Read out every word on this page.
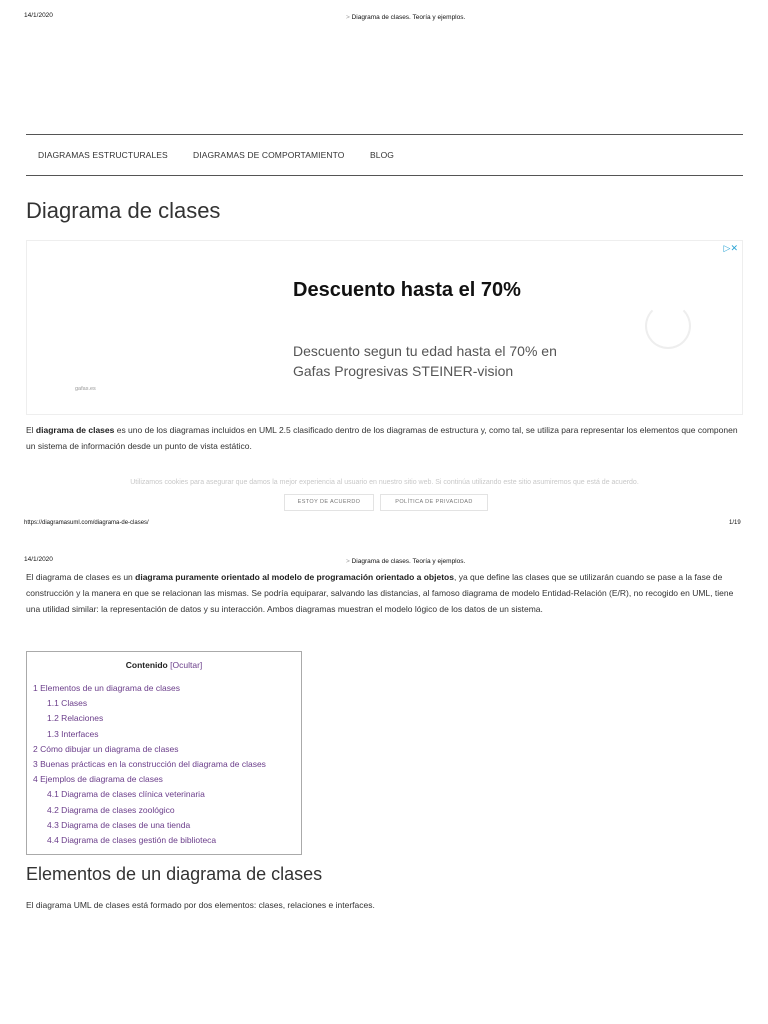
14/1/2020	> Diagrama de clases. Teoría y ejemplos.
DIAGRAMAS ESTRUCTURALES	DIAGRAMAS DE COMPORTAMIENTO	BLOG
Diagrama de clases
▷✕
Descuento hasta el 70%
Descuento segun tu edad hasta el 70% en Gafas Progresivas STEINER-vision
gafas.es

El diagrama de clases es uno de los diagramas incluidos en UML 2.5 clasificado dentro de los diagramas de estructura y, como tal, se utiliza para representar los elementos que componen un sistema de información desde un punto de vista estático.

Utilizamos cookies para asegurar que damos la mejor experiencia al usuario en nuestro sitio web. Si continúa utilizando este sitio asumiremos que está de acuerdo.
ESTOY DE ACUERDO	POLÍTICA DE PRIVACIDAD
https://diagramasuml.com/diagrama-de-clases/	1/19
14/1/2020	> Diagrama de clases. Teoría y ejemplos.

El diagrama de clases es un diagrama puramente orientado al modelo de programación orientado a objetos, ya que define las clases que se utilizarán cuando se pase a la fase de construcción y la manera en que se relacionan las mismas. Se podría equiparar, salvando las distancias, al famoso diagrama de modelo Entidad-Relación (E/R), no recogido en UML, tiene una utilidad similar: la representación de datos y su interacción. Ambos diagramas muestran el modelo lógico de los datos de un sistema.

Contenido [Ocultar]
1 Elementos de un diagrama de clases
1.1 Clases
1.2 Relaciones
1.3 Interfaces
2 Cómo dibujar un diagrama de clases
3 Buenas prácticas en la construcción del diagrama de clases
4 Ejemplos de diagrama de clases
4.1 Diagrama de clases clínica veterinaria
4.2 Diagrama de clases zoológico
4.3 Diagrama de clases de una tienda
4.4 Diagrama de clases gestión de biblioteca
Elementos de un diagrama de clases

El diagrama UML de clases está formado por dos elementos: clases, relaciones e interfaces.
